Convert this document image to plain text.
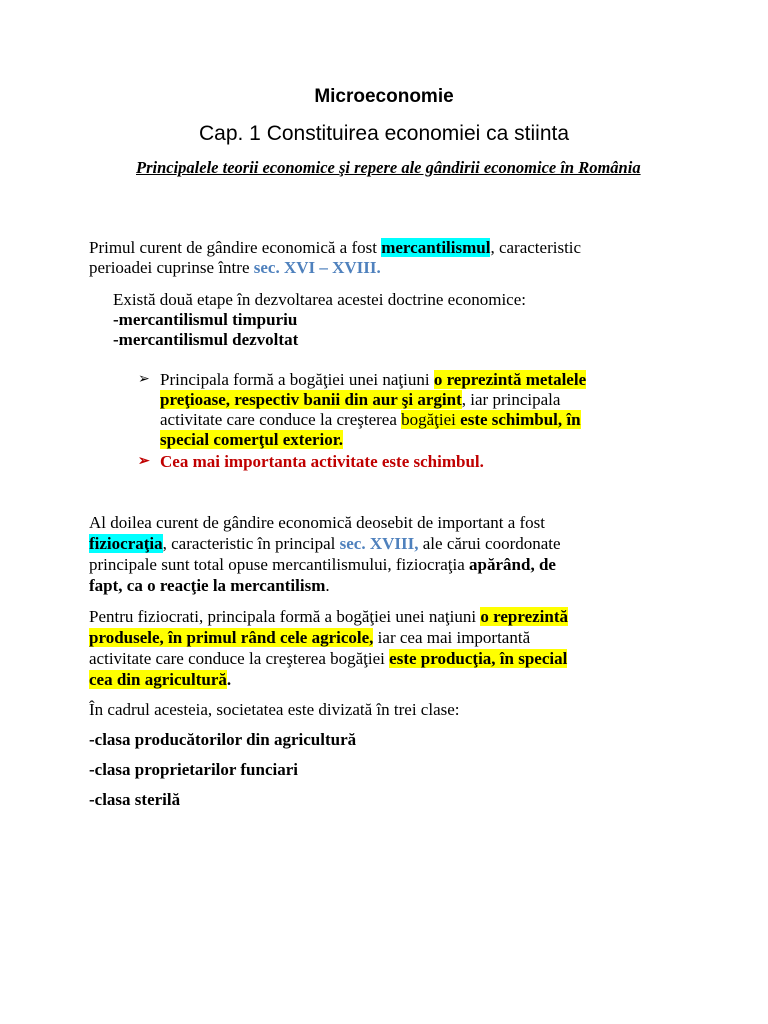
Microeconomie
Cap. 1 Constituirea economiei ca stiinta
Principalele teorii economice şi repere ale gândirii economice în România
Primul curent de gândire economică a fost mercantilismul, caracteristic
perioadei cuprinse între sec. XVI – XVIII.
Există două etape în dezvoltarea acestei doctrine economice:
-mercantilismul timpuriu
-mercantilismul dezvoltat
➢ Principala formă a bogăţiei unei naţiuni o reprezintă metalele
preţioase, respectiv banii din aur şi argint, iar principala
activitate care conduce la creşterea bogăţiei este schimbul, în
special comerţul exterior.
➢ Cea mai importanta activitate este schimbul.
Al doilea curent de gândire economică deosebit de important a fost
fiziocraţia, caracteristic în principal sec. XVIII, ale cărui coordonate
principale sunt total opuse mercantilismului, fiziocraţia apărând, de
fapt, ca o reacţie la mercantilism.
Pentru fiziocrati, principala formă a bogăţiei unei naţiuni o reprezintă
produsele, în primul rând cele agricole, iar cea mai importantă
activitate care conduce la creşterea bogăţiei este producţia, în special
cea din agricultură.
În cadrul acesteia, societatea este divizată în trei clase:
-clasa producătorilor din agricultură
-clasa proprietarilor funciari
-clasa sterilă
